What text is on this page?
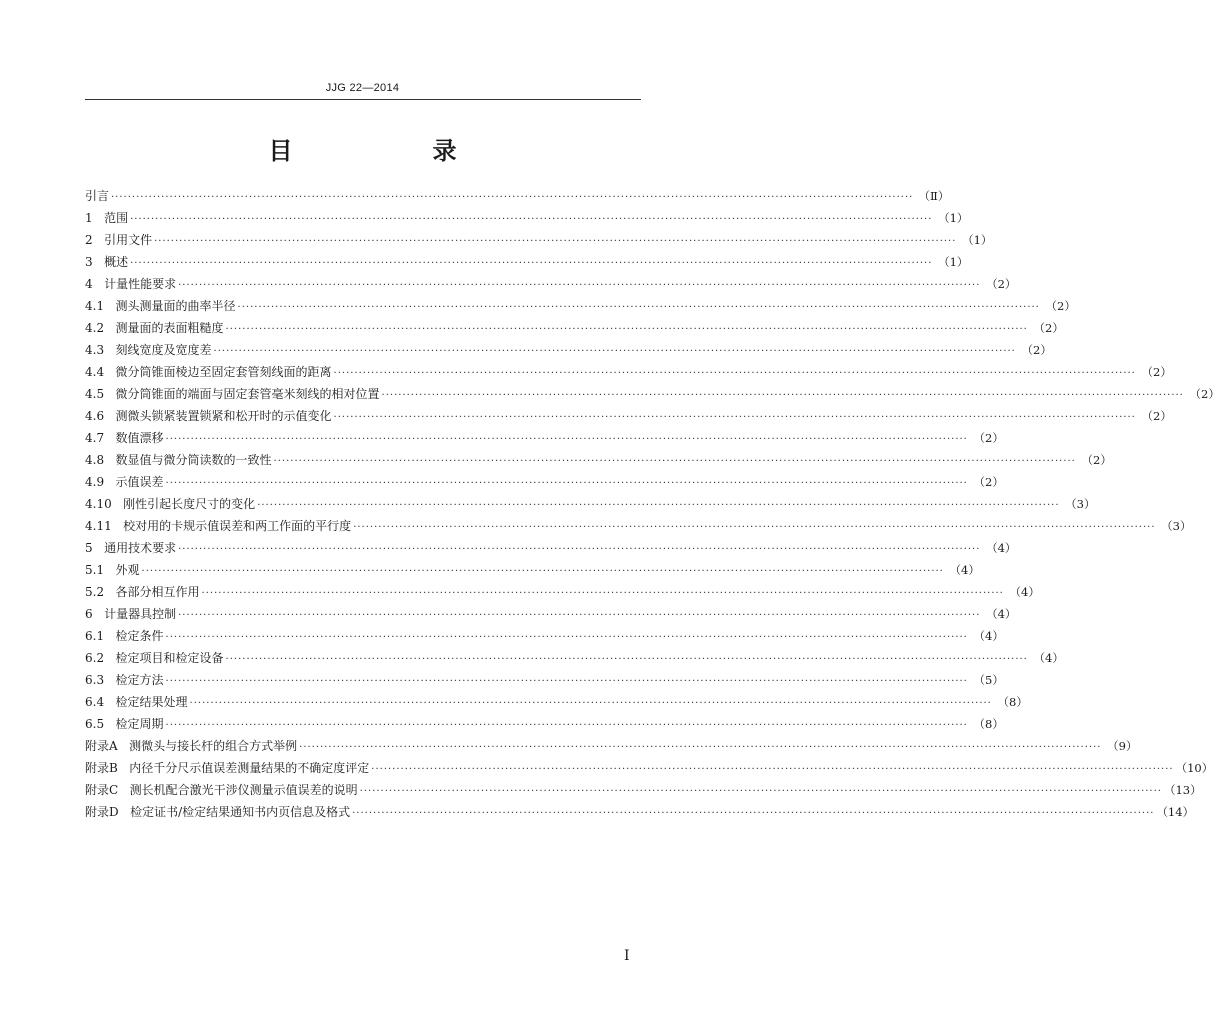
JJG 22—2014
目　录
引言 ·····	（Ⅱ）
1 范围 ·····	（1）
2 引用文件 ·····	（1）
3 概述 ·····	（1）
4 计量性能要求 ·····	（2）
4.1 测头测量面的曲率半径 ·····	（2）
4.2 测量面的表面粗糙度 ·····	（2）
4.3 刻线宽度及宽度差 ·····	（2）
4.4 微分筒锥面棱边至固定套管刻线面的距离 ·····	（2）
4.5 微分筒锥面的端面与固定套管毫米刻线的相对位置 ·····	（2）
4.6 测微头锁紧装置锁紧和松开时的示值变化 ·····	（2）
4.7 数值漂移 ·····	（2）
4.8 数显值与微分筒读数的一致性 ·····	（2）
4.9 示值误差 ·····	（2）
4.10 刚性引起长度尺寸的变化 ·····	（3）
4.11 校对用的卡规示值误差和两工作面的平行度 ·····	（3）
5 通用技术要求 ·····	（4）
5.1 外观 ·····	（4）
5.2 各部分相互作用 ·····	（4）
6 计量器具控制 ·····	（4）
6.1 检定条件 ·····	（4）
6.2 检定项目和检定设备 ·····	（4）
6.3 检定方法 ·····	（5）
6.4 检定结果处理 ·····	（8）
6.5 检定周期 ·····	（8）
附录A 测微头与接长杆的组合方式举例 ·····	（9）
附录B 内径千分尺示值误差测量结果的不确定度评定 ·····	（10）
附录C 测长机配合激光干涉仪测量示值误差的说明 ·····	（13）
附录D 检定证书/检定结果通知书内页信息及格式 ·····	（14）
I
